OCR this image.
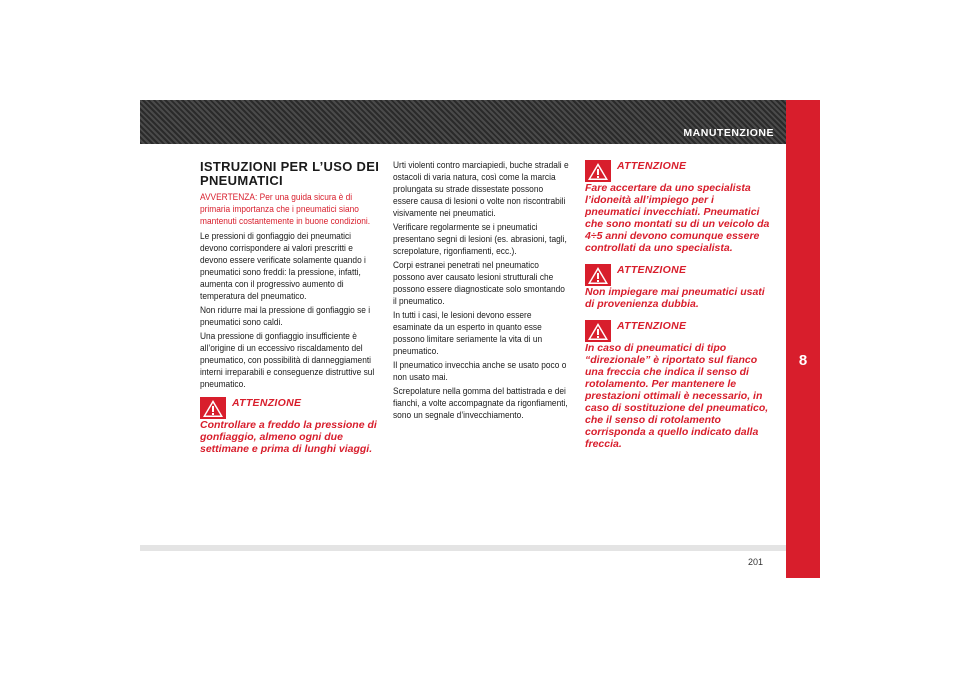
MANUTENZIONE
8
ISTRUZIONI PER L’USO DEI PNEUMATICI

AVVERTENZA: Per una guida sicura è di primaria importanza che i pneumatici siano mantenuti costantemente in buone condizioni.

Le pressioni di gonfiaggio dei pneumatici devono corrispondere ai valori prescritti e devono essere verificate solamente quando i pneumatici sono freddi: la pressione, infatti, aumenta con il progressivo aumento di temperatura del pneumatico.

Non ridurre mai la pressione di gonfiaggio se i pneumatici sono caldi.

Una pressione di gonfiaggio insufficiente è all’origine di un eccessivo riscaldamento del pneumatico, con possibilità di danneggiamenti interni irreparabili e conseguenze distruttive sul pneumatico.

ATTENZIONE

Controllare a freddo la pressione di gonfiaggio, almeno ogni due settimane e prima di lunghi viaggi.

Urti violenti contro marciapiedi, buche stradali e ostacoli di varia natura, così come la marcia prolungata su strade dissestate possono essere causa di lesioni o volte non riscontrabili visivamente nei pneumatici.

Verificare regolarmente se i pneumatici presentano segni di lesioni (es. abrasioni, tagli, screpolature, rigonfiamenti, ecc.).

Corpi estranei penetrati nel pneumatico possono aver causato lesioni strutturali che possono essere diagnosticate solo smontando il pneumatico.

In tutti i casi, le lesioni devono essere esaminate da un esperto in quanto esse possono limitare seriamente la vita di un pneumatico.

Il pneumatico invecchia anche se usato poco o non usato mai.

Screpolature nella gomma del battistrada e dei fianchi, a volte accompagnate da rigonfiamenti, sono un segnale d’invecchiamento.

ATTENZIONE

Fare accertare da uno specialista l’idoneità all’impiego per i pneumatici invecchiati. Pneumatici che sono montati su di un veicolo da 4÷5 anni devono comunque essere controllati da uno specialista.

ATTENZIONE

Non impiegare mai pneumatici usati di provenienza dubbia.

ATTENZIONE

In caso di pneumatici di tipo “direzionale” è riportato sul fianco una freccia che indica il senso di rotolamento. Per mantenere le prestazioni ottimali è necessario, in caso di sostituzione del pneumatico, che il senso di rotolamento corrisponda a quello indicato dalla freccia.

201
